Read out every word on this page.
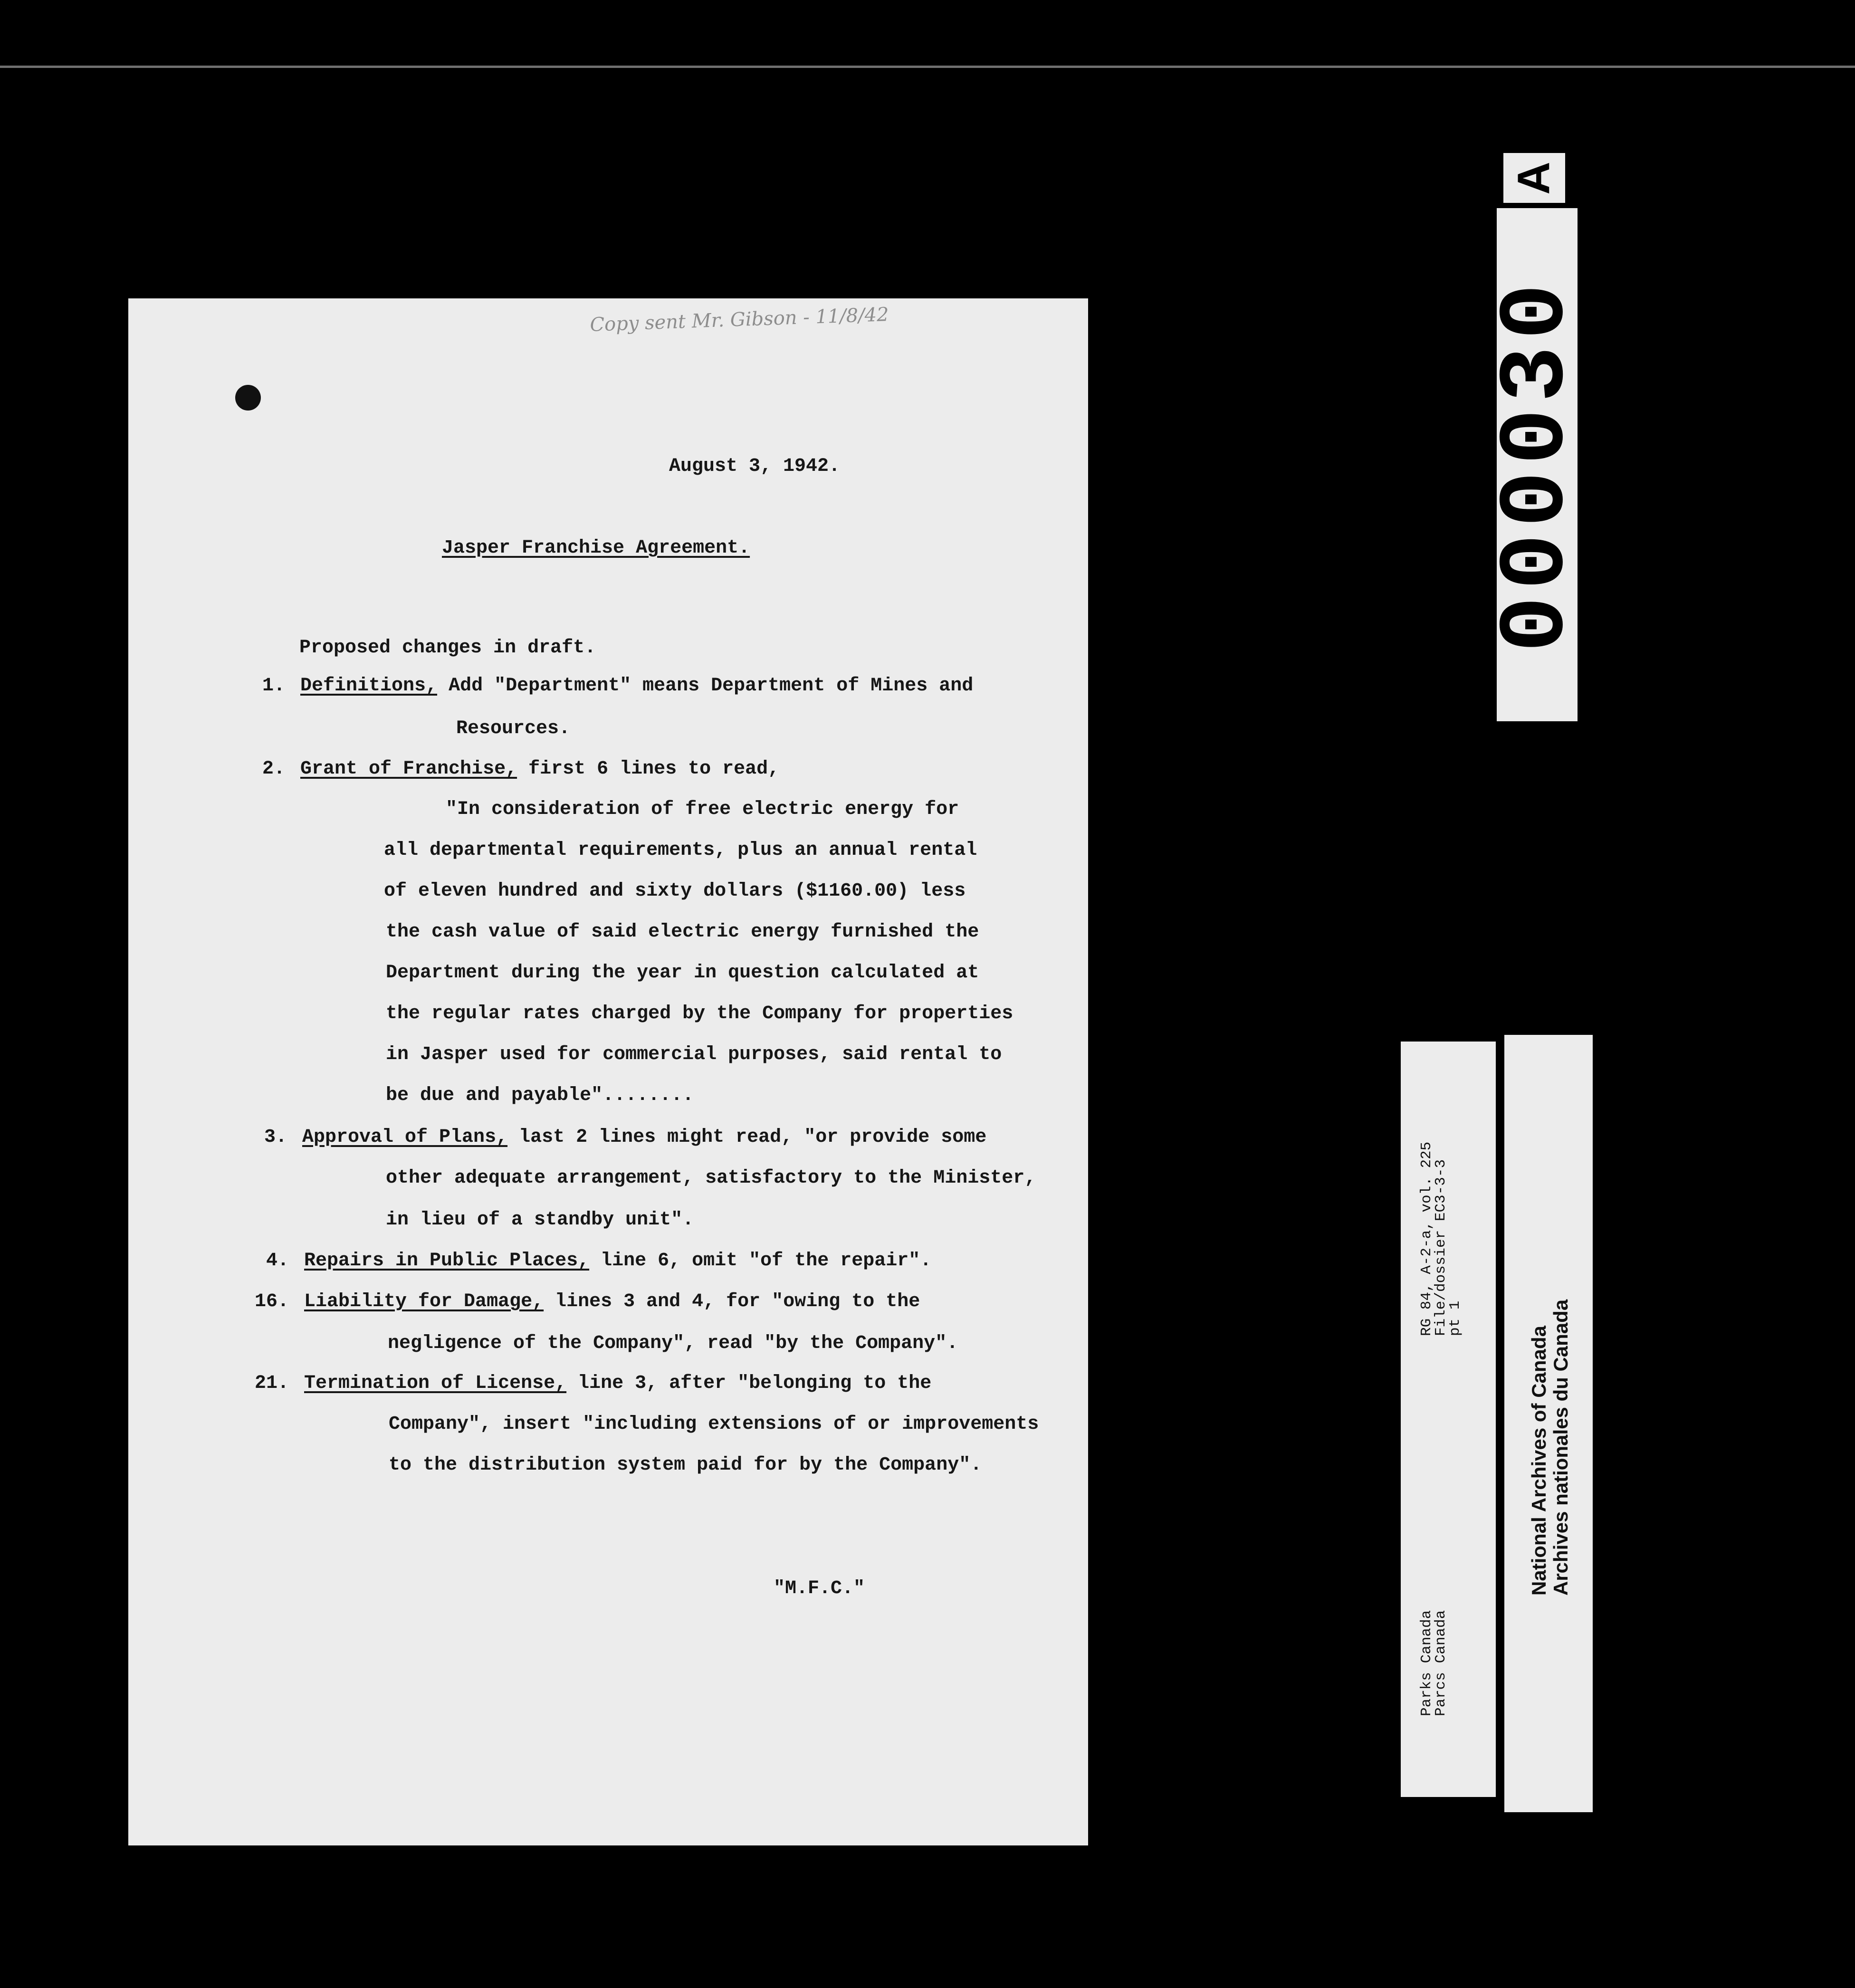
Copy sent Mr. Gibson - 11/8/42
August 3, 1942.
Jasper Franchise Agreement.
Proposed changes in draft.
1. Definitions, Add "Department" means Department of Mines and
Resources.
2. Grant of Franchise, first 6 lines to read,
"In consideration of free electric energy for
all departmental requirements, plus an annual rental
of eleven hundred and sixty dollars ($1160.00) less
the cash value of said electric energy furnished the
Department during the year in question calculated at
the regular rates charged by the Company for properties
in Jasper used for commercial purposes, said rental to
be due and payable"........
3. Approval of Plans, last 2 lines might read, "or provide some
other adequate arrangement, satisfactory to the Minister,
in lieu of a standby unit".
4. Repairs in Public Places, line 6, omit "of the repair".
16. Liability for Damage, lines 3 and 4, for "owing to the
negligence of the Company", read "by the Company".
21. Termination of License, line 3, after "belonging to the
Company", insert "including extensions of or improvements
to the distribution system paid for by the Company".
"M.F.C."
A
000030
RG 84, A-2-a, vol. 225
File/dossier EC3-3-3
pt 1
Parks Canada
Parcs Canada
National Archives of Canada Archives nationales du Canada
